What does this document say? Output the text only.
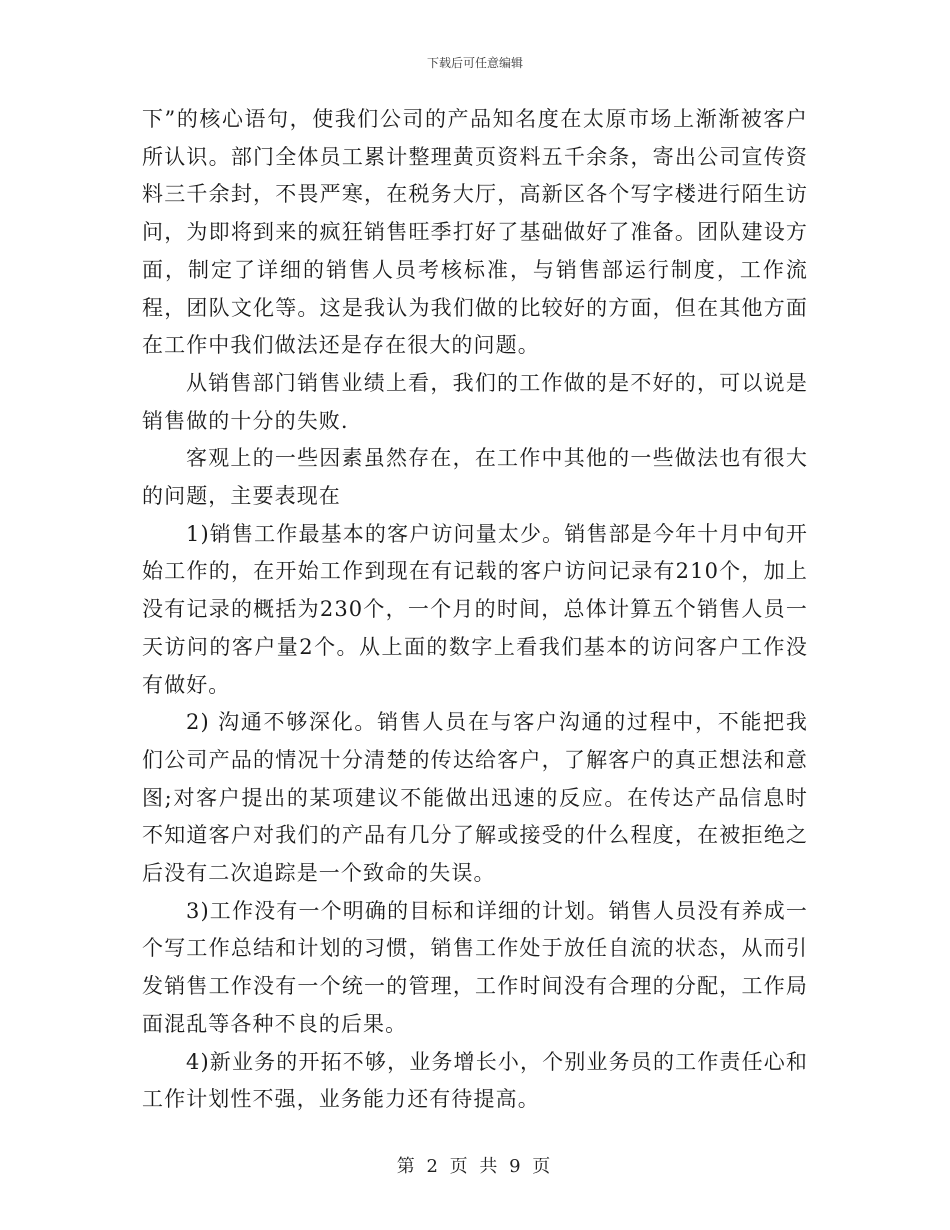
下载后可任意编辑

下”的核心语句，使我们公司的产品知名度在太原市场上渐渐被客户所认识。部门全体员工累计整理黄页资料五千余条，寄出公司宣传资料三千余封，不畏严寒，在税务大厅，高新区各个写字楼进行陌生访问，为即将到来的疯狂销售旺季打好了基础做好了准备。团队建设方面，制定了详细的销售人员考核标准，与销售部运行制度，工作流程，团队文化等。这是我认为我们做的比较好的方面，但在其他方面在工作中我们做法还是存在很大的问题。

从销售部门销售业绩上看，我们的工作做的是不好的，可以说是销售做的十分的失败.

客观上的一些因素虽然存在，在工作中其他的一些做法也有很大的问题，主要表现在

1)销售工作最基本的客户访问量太少。销售部是今年十月中旬开始工作的，在开始工作到现在有记载的客户访问记录有210个，加上没有记录的概括为230个，一个月的时间，总体计算五个销售人员一天访问的客户量2个。从上面的数字上看我们基本的访问客户工作没有做好。

2) 沟通不够深化。销售人员在与客户沟通的过程中，不能把我们公司产品的情况十分清楚的传达给客户，了解客户的真正想法和意图;对客户提出的某项建议不能做出迅速的反应。在传达产品信息时不知道客户对我们的产品有几分了解或接受的什么程度，在被拒绝之后没有二次追踪是一个致命的失误。

3)工作没有一个明确的目标和详细的计划。销售人员没有养成一个写工作总结和计划的习惯，销售工作处于放任自流的状态，从而引发销售工作没有一个统一的管理，工作时间没有合理的分配，工作局面混乱等各种不良的后果。

4)新业务的开拓不够，业务增长小，个别业务员的工作责任心和工作计划性不强，业务能力还有待提高。

第 2 页 共 9 页
